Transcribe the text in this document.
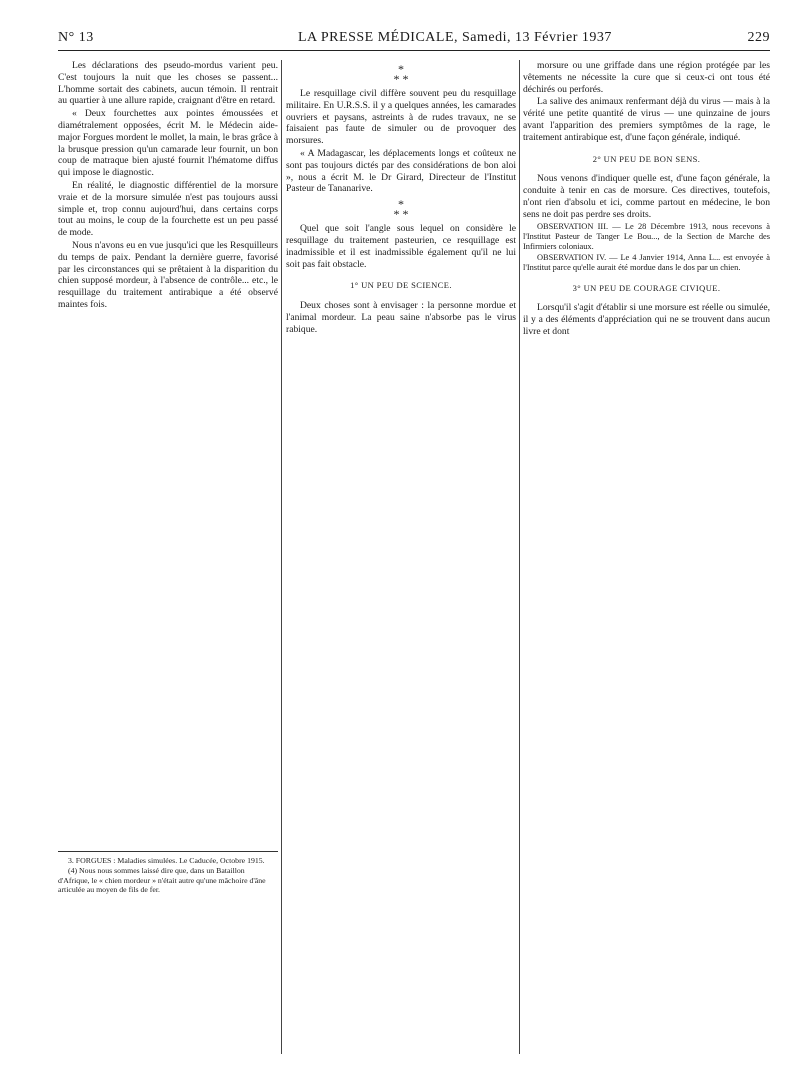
N° 13	LA PRESSE MÉDICALE, Samedi, 13 Février 1937	229

Les déclarations des pseudo-mordus varient peu. C'est toujours la nuit que les choses se passent... L'homme sortait des cabinets, aucun témoin. Il rentrait au quartier à une allure rapide, craignant d'être en retard.

« Deux fourchettes aux pointes émoussées et diamétralement opposées, écrit M. le Médecin aide-major Forgues mordent le mollet, la main, le bras grâce à la brusque pression qu'un camarade leur fournit, un bon coup de matraque bien ajusté fournit l'hématome diffus qui impose le diagnostic.

En réalité, le diagnostic différentiel de la morsure vraie et de la morsure simulée n'est pas toujours aussi simple et, trop connu aujourd'hui, dans certains corps tout au moins, le coup de la fourchette est un peu passé de mode.

Nous n'avons eu en vue jusqu'ici que les Resquilleurs du temps de paix. Pendant la dernière guerre, favorisé par les circonstances qui se prêtaient à la disparition du chien supposé mordeur, à l'absence de contrôle... etc., le resquillage du traitement antirabique a été observé maintes fois.

*
* *

Le resquillage civil diffère souvent peu du resquillage militaire. En U.R.S.S. il y a quelques années, les camarades ouvriers et paysans, astreints à de rudes travaux, ne se faisaient pas faute de simuler ou de provoquer des morsures.

« A Madagascar, les déplacements longs et coûteux ne sont pas toujours dictés par des considérations de bon aloi », nous a écrit M. le Dr Girard, Directeur de l'Institut Pasteur de Tananarive.

*
* *

Quel que soit l'angle sous lequel on considère le resquillage du traitement pasteurien, ce resquillage est inadmissible et il est inadmissible également qu'il ne lui soit pas fait obstacle.

1° UN PEU DE SCIENCE.

Deux choses sont à envisager : la personne mordue et l'animal mordeur. La peau saine n'absorbe pas le virus rabique.

morsure ou une griffade dans une région protégée par les vêtements ne nécessite la cure que si ceux-ci ont tous été déchirés ou perforés.

La salive des animaux renfermant déjà du virus — mais à la vérité une petite quantité de virus — une quinzaine de jours avant l'apparition des premiers symptômes de la rage, le traitement antirabique est, d'une façon générale, indiqué.

2° UN PEU DE BON SENS.

Nous venons d'indiquer quelle est, d'une façon générale, la conduite à tenir en cas de morsure. Ces directives, toutefois, n'ont rien d'absolu et ici, comme partout en médecine, le bon sens ne doit pas perdre ses droits.

OBSERVATION III. — Le 28 Décembre 1913, nous recevons à l'Institut Pasteur de Tanger Le Bou..., de la Section de Marche des Infirmiers coloniaux.

OBSERVATION IV. — Le 4 Janvier 1914, Anna L... est envoyée à l'Institut parce qu'elle aurait été mordue dans le dos par un chien.

3° UN PEU DE COURAGE CIVIQUE.

Lorsqu'il s'agit d'établir si une morsure est réelle ou simulée, il y a des éléments d'appréciation qui ne se trouvent dans aucun livre et dont

3. FORGUES : Maladies simulées. Le Caducée, Octobre 1915.

(4) Nous nous sommes laissé dire que, dans un Bataillon d'Afrique, le « chien mordeur » n'était autre qu'une mâchoire d'âne articulée au moyen de fils de fer.
